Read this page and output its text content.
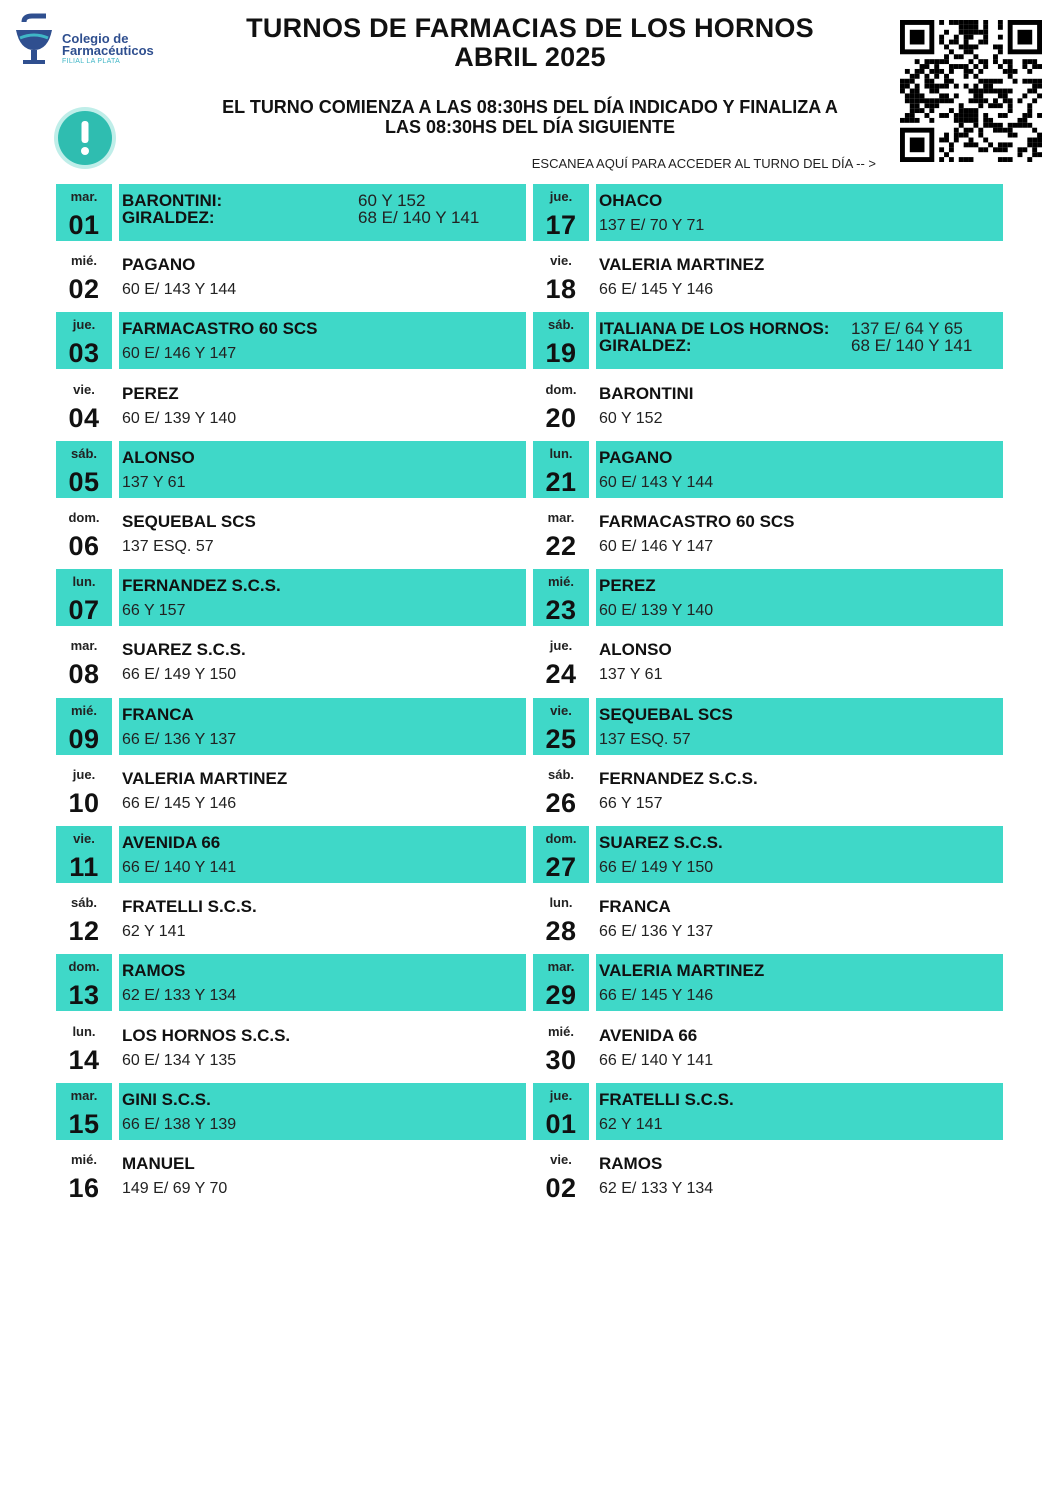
Colegio de
Farmacéuticos
FILIAL LA PLATA
TURNOS DE FARMACIAS DE LOS HORNOS
ABRIL 2025
EL TURNO COMIENZA A LAS 08:30HS DEL DÍA INDICADO Y FINALIZA A
LAS 08:30HS DEL DÍA SIGUIENTE
ESCANEA AQUÍ PARA ACCEDER AL TURNO DEL DÍA -- >
mar.
01
BARONTINI:	60 Y 152
GIRALDEZ:	68 E/ 140 Y 141
mié.
02
PAGANO
60 E/ 143 Y 144
jue.
03
FARMACASTRO 60 SCS
60 E/ 146 Y 147
vie.
04
PEREZ
60 E/ 139 Y 140
sáb.
05
ALONSO
137 Y 61
dom.
06
SEQUEBAL SCS
137 ESQ. 57
lun.
07
FERNANDEZ S.C.S.
66 Y 157
mar.
08
SUAREZ S.C.S.
66 E/ 149 Y 150
mié.
09
FRANCA
66 E/ 136 Y 137
jue.
10
VALERIA MARTINEZ
66 E/ 145 Y 146
vie.
11
AVENIDA 66
66 E/ 140 Y 141
sáb.
12
FRATELLI S.C.S.
62 Y 141
dom.
13
RAMOS
62 E/ 133 Y 134
lun.
14
LOS HORNOS S.C.S.
60 E/ 134 Y 135
mar.
15
GINI S.C.S.
66 E/ 138 Y 139
mié.
16
MANUEL
149 E/ 69 Y 70
jue.
17
OHACO
137 E/ 70 Y 71
vie.
18
VALERIA MARTINEZ
66 E/ 145 Y 146
sáb.
19
ITALIANA DE LOS HORNOS: 137 E/ 64 Y 65
GIRALDEZ:	68 E/ 140 Y 141
dom.
20
BARONTINI
60 Y 152
lun.
21
PAGANO
60 E/ 143 Y 144
mar.
22
FARMACASTRO 60 SCS
60 E/ 146 Y 147
mié.
23
PEREZ
60 E/ 139 Y 140
jue.
24
ALONSO
137 Y 61
vie.
25
SEQUEBAL SCS
137 ESQ. 57
sáb.
26
FERNANDEZ S.C.S.
66 Y 157
dom.
27
SUAREZ S.C.S.
66 E/ 149 Y 150
lun.
28
FRANCA
66 E/ 136 Y 137
mar.
29
VALERIA MARTINEZ
66 E/ 145 Y 146
mié.
30
AVENIDA 66
66 E/ 140 Y 141
jue.
01
FRATELLI S.C.S.
62 Y 141
vie.
02
RAMOS
62 E/ 133 Y 134
